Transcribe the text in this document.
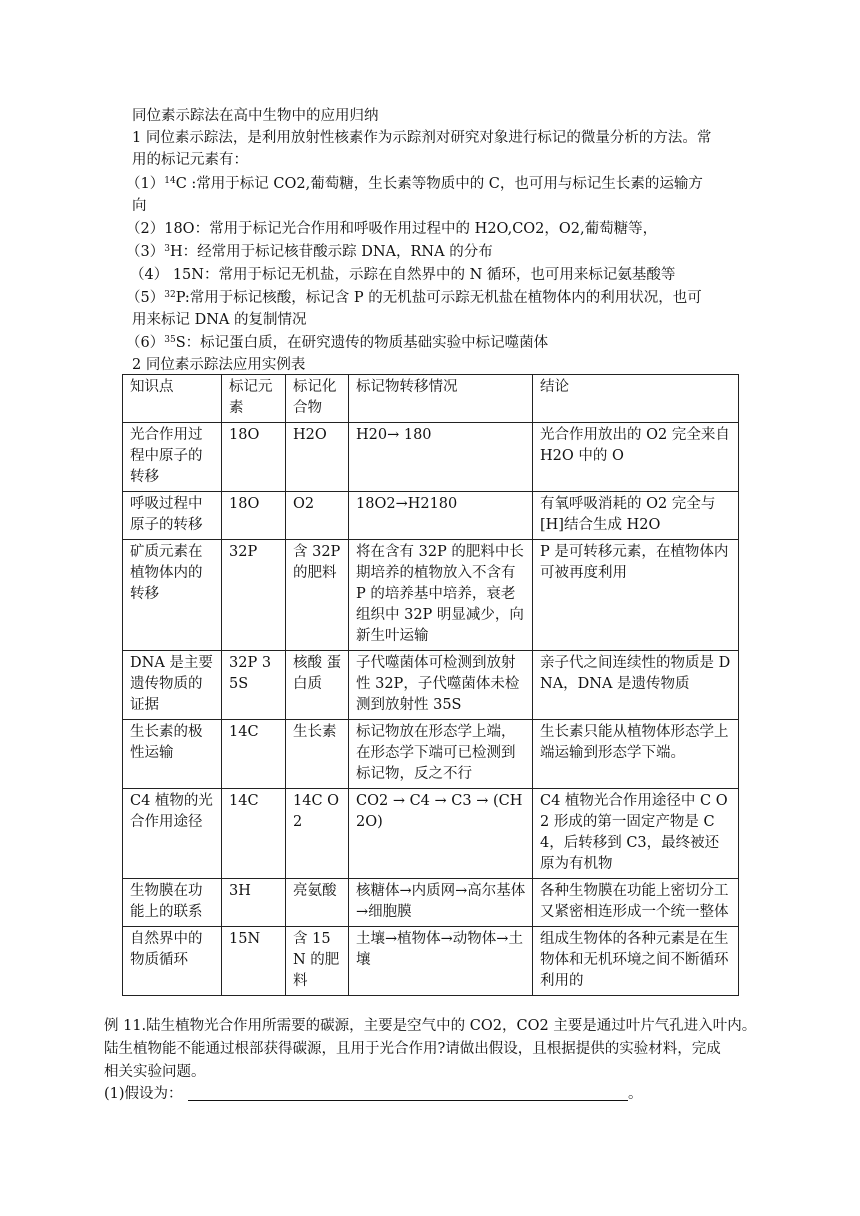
同位素示踪法在高中生物中的应用归纳
1 同位素示踪法，是利用放射性核素作为示踪剂对研究对象进行标记的微量分析的方法。常
用的标记元素有：
$(1)^{14}C$ :常用于标记 CO2,葡萄糖，生长素等物质中的 C，也可用与标记生长素的运输方
向
（2）18O：常用于标记光合作用和呼吸作用过程中的 H2O,CO2，O2,葡萄糖等，
$(3)^3H$：经常用于标记核苷酸示踪 DNA，RNA 的分布
（4） 15N：常用于标记无机盐，示踪在自然界中的 N 循环，也可用来标记氨基酸等
$(5)^{32}P$:常用于标记核酸，标记含 P 的无机盐可示踪无机盐在植物体内的利用状况，也可
用来标记 DNA 的复制情况
$(6)^{35}S$：标记蛋白质，在研究遗传的物质基础实验中标记噬菌体
2 同位素示踪法应用实例表
知识点	标记元素	标记化合物	标记物转移情况	结论
光合作用过程中原子的转移	18O	H2O	H20→ 180	光合作用放出的 O2 完全来自 H2O 中的 O
呼吸过程中原子的转移	18O	O2	18O2→H2180	有氧呼吸消耗的 O2 完全与[H]结合生成 H2O
矿质元素在植物体内的转移	32P	含 32P 的肥料	将在含有 32P 的肥料中长期培养的植物放入不含有 P 的培养基中培养，衰老组织中 32P 明显减少，向新生叶运输	P 是可转移元素，在植物体内可被再度利用
DNA 是主要遗传物质的证据	32P 35S	核酸 蛋白质	子代噬菌体可检测到放射性 32P，子代噬菌体未检测到放射性 35S	亲子代之间连续性的物质是 DNA，DNA 是遗传物质
生长素的极性运输	14C	生长素	标记物放在形态学上端，在形态学下端可已检测到标记物，反之不行	生长素只能从植物体形态学上端运输到形态学下端。
C4 植物的光合作用途径	14C	14C O2	CO2 → C4 → C3 → (CH2O)	C4 植物光合作用途径中 C O2 形成的第一固定产物是 C4，后转移到 C3，最终被还原为有机物
生物膜在功能上的联系	3H	亮氨酸	核糖体→内质网→高尔基体→细胞膜	各种生物膜在功能上密切分工又紧密相连形成一个统一整体
自然界中的物质循环	15N	含 15N 的肥料	土壤→植物体→动物体→土壤	组成生物体的各种元素是在生物体和无机环境之间不断循环利用的
例 11.陆生植物光合作用所需要的碳源，主要是空气中的 CO2，CO2 主要是通过叶片气孔进入叶内。
陆生植物能不能通过根部获得碳源，且用于光合作用?请做出假设，且根据提供的实验材料，完成
相关实验问题。
(1)假设为：	。
